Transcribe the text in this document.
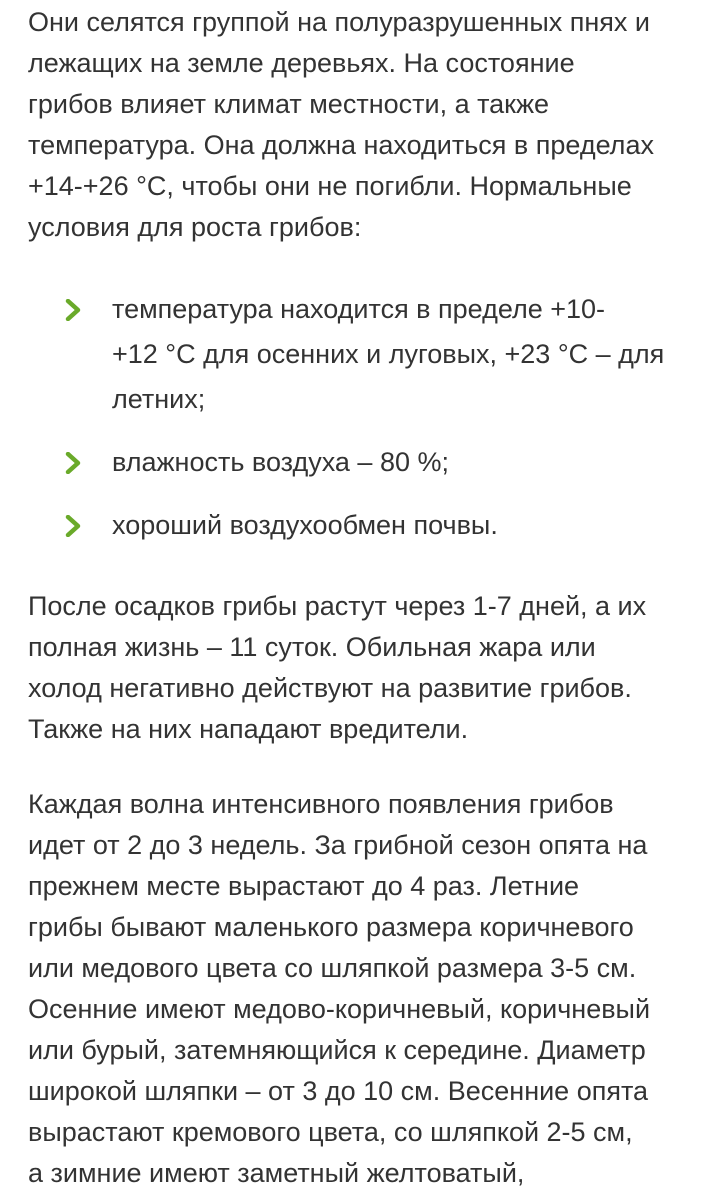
Они селятся группой на полуразрушенных пнях и
лежащих на земле деревьях. На состояние
грибов влияет климат местности, а также
температура. Она должна находиться в пределах
+14-+26 °С, чтобы они не погибли. Нормальные
условия для роста грибов:

температура находится в пределе +10-
+12 °С для осенних и луговых, +23 °С – для
летних;
влажность воздуха – 80 %;
хороший воздухообмен почвы.

После осадков грибы растут через 1-7 дней, а их
полная жизнь – 11 суток. Обильная жара или
холод негативно действуют на развитие грибов.
Также на них нападают вредители.

Каждая волна интенсивного появления грибов
идет от 2 до 3 недель. За грибной сезон опята на
прежнем месте вырастают до 4 раз. Летние
грибы бывают маленького размера коричневого
или медового цвета со шляпкой размера 3-5 см.
Осенние имеют медово-коричневый, коричневый
или бурый, затемняющийся к середине. Диаметр
широкой шляпки – от 3 до 10 см. Весенние опята
вырастают кремового цвета, со шляпкой 2-5 см,
а зимние имеют заметный желтоватый,
